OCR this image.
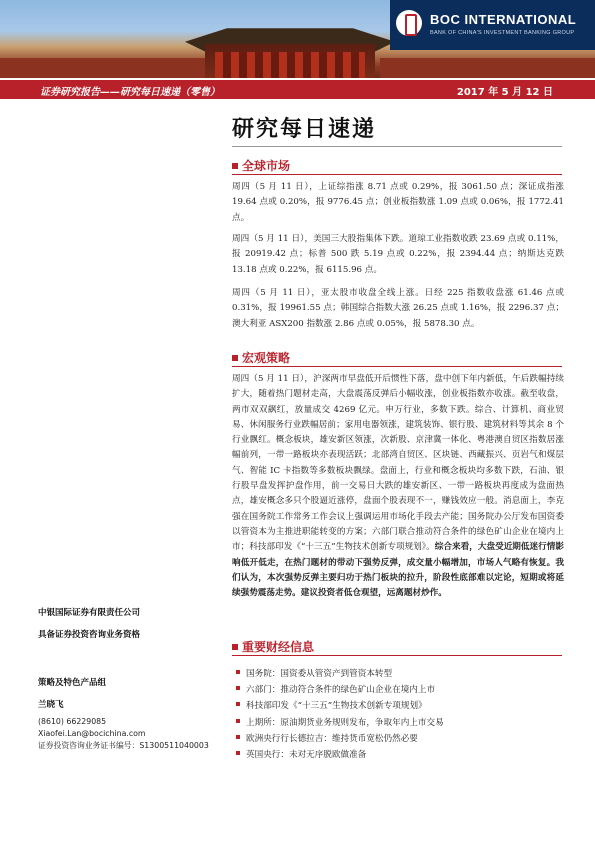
BOC INTERNATIONAL
BANK OF CHINA'S INVESTMENT BANKING GROUP
证券研究报告——研究每日速递（零售）	2017 年 5 月 12 日
研究每日速递
全球市场
周四（5 月 11 日），上证综指涨 8.71 点或 0.29%，报 3061.50 点；深证成指涨 19.64 点或 0.20%，报 9776.45 点；创业板指数涨 1.09 点或 0.06%，报 1772.41 点。
周四（5 月 11 日），美国三大股指集体下跌。道琼工业指数收跌 23.69 点或 0.11%，报 20919.42 点；标普 500 跌 5.19 点或 0.22%，报 2394.44 点；纳斯达克跌 13.18 点或 0.22%，报 6115.96 点。
周四（5 月 11 日），亚太股市收盘全线上涨。日经 225 指数收盘涨 61.46 点或 0.31%，报 19961.55 点；韩国综合指数大涨 26.25 点或 1.16%，报 2296.37 点；澳大利亚 ASX200 指数涨 2.86 点或 0.05%，报 5878.30 点。
宏观策略
周四（5 月 11 日），沪深两市早盘低开后惯性下落，盘中创下年内新低，午后跌幅持续扩大，随着热门题材走高，大盘震荡反弹后小幅收涨，创业板指数亦收涨。截至收盘，两市双双飙红，放量成交 4269 亿元。申万行业，多数下跌。综合、计算机、商业贸易、休闲服务行业跌幅居前；家用电器领涨，建筑装饰、银行股、建筑材料等其余 8 个行业飘红。概念板块，雄安新区领涨，次新股、京津冀一体化、粤港澳自贸区指数居涨幅前列，一带一路板块亦表现活跃；北部湾自贸区、区块链、西藏振兴、页岩气和煤层气、智能 IC 卡指数等多数板块飘绿。盘面上，行业和概念板块均多数下跌，石油、银行股早盘发挥护盘作用，前一交易日大跌的雄安新区、一带一路板块再度成为盘面热点，雄安概念多只个股逼近涨停，盘面个股表现不一，赚钱效应一般。消息面上，李克强在国务院工作常务工作会议上强调运用市场化手段去产能；国务院办公厅发布国资委以管资本为主推进职能转变的方案；六部门联合推动符合条件的绿色矿山企业在境内上市；科技部印发《“十三五”生物技术创新专项规划》。综合来看，大盘受近期低迷行情影响低开低走，在热门题材的带动下强势反弹，成交量小幅增加，市场人气略有恢复。我们认为，本次强势反弹主要归功于热门板块的拉升，阶段性底部难以定论，短期或将延续强势震荡走势。建议投资者低仓观望，远离题材炒作。
重要财经信息
国务院：国资委从管资产到管资本转型
六部门：推动符合条件的绿色矿山企业在境内上市
科技部印发《“十三五”生物技术创新专项规划》
上期所：原油期货业务规则发布，争取年内上市交易
欧洲央行行长德拉吉：维持货币宽松仍然必要
英国央行：未对无序脱欧做准备
中银国际证券有限责任公司
具备证券投资咨询业务资格
策略及特色产品组
兰晓飞
(8610) 66229085
Xiaofei.Lan@bocichina.com
证券投资咨询业务证书编号：S1300511040003
